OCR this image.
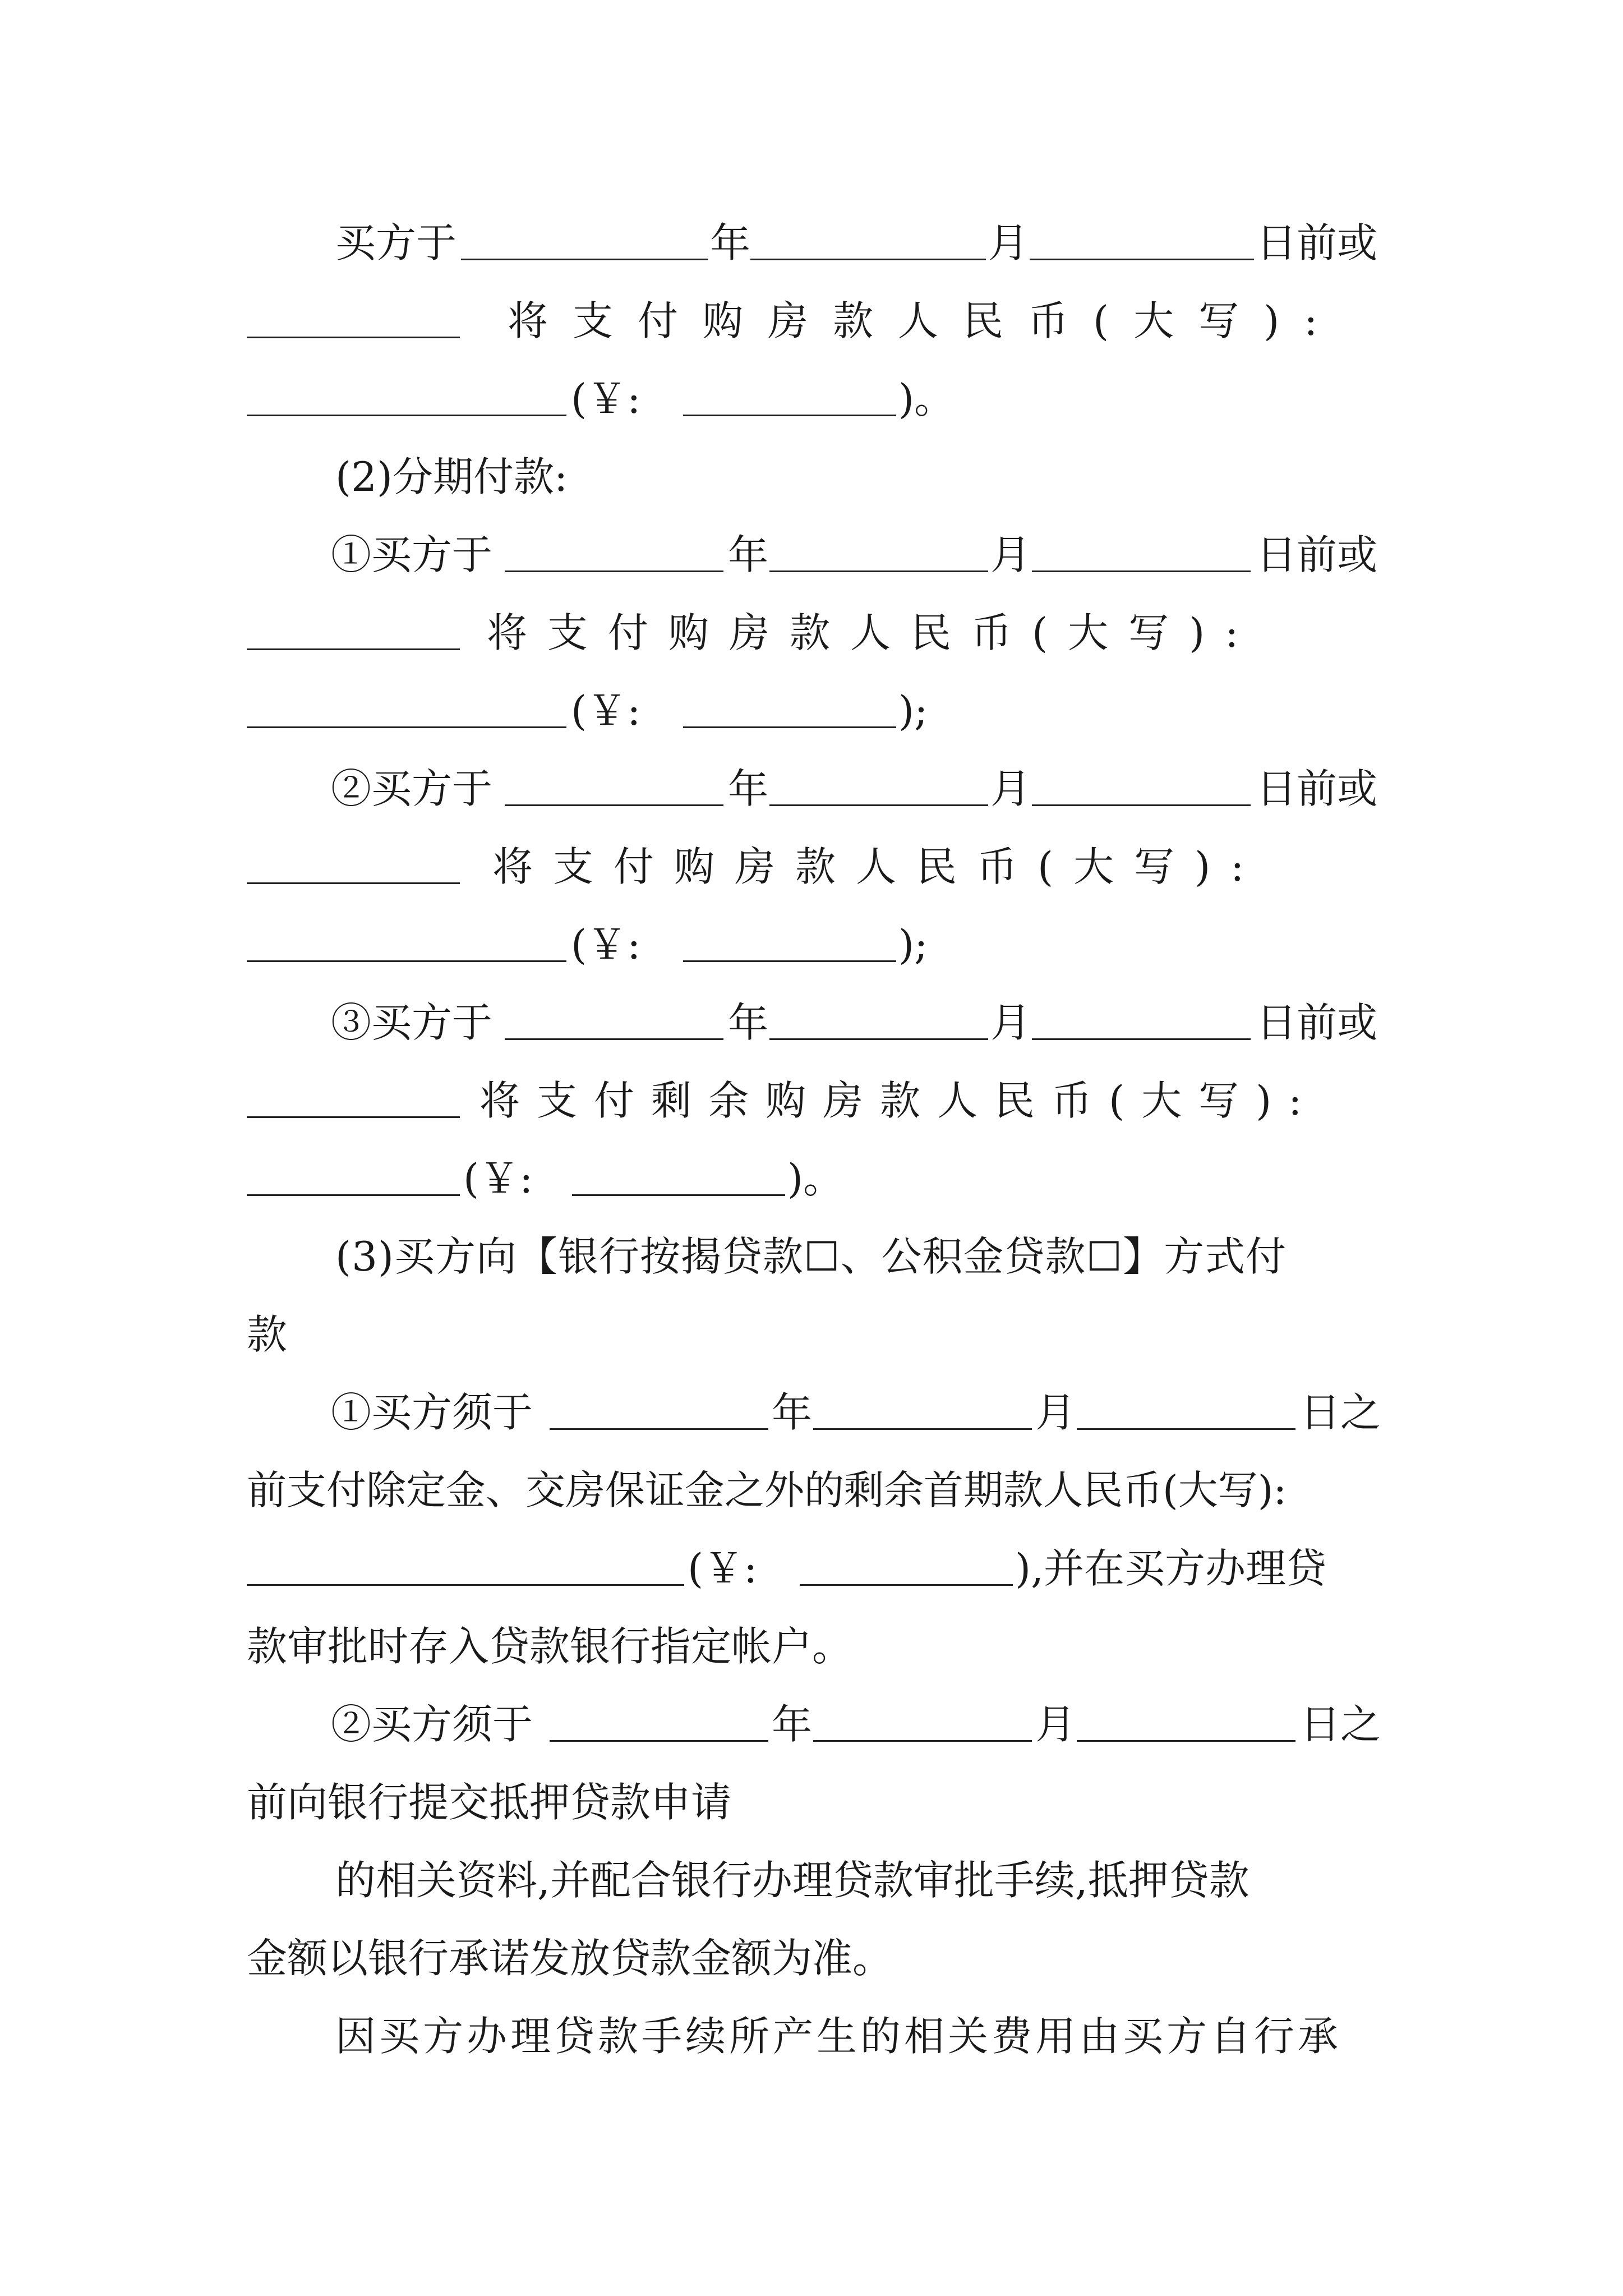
买方于	年	月	日前或
将支付购房款人民币(大写):
(￥:	)。
(2)分期付款:
①买方于	年	月	日前或
将支付购房款人民币(大写):
(￥:	);
②买方于	年	月	日前或
将支付购房款人民币(大写):
(￥:	);
③买方于	年	月	日前或
将支付剩余购房款人民币(大写):
(￥:	)。
(3)买方向【银行按揭贷款☐、公积金贷款☐】方式付
款
①买方须于	年	月	日之
前支付除定金、交房保证金之外的剩余首期款人民币(大写):
(￥:	),并在买方办理贷
款审批时存入贷款银行指定帐户。
②买方须于	年	月	日之
前向银行提交抵押贷款申请
的相关资料,并配合银行办理贷款审批手续,抵押贷款
金额以银行承诺发放贷款金额为准。
因买方办理贷款手续所产生的相关费用由买方自行承
